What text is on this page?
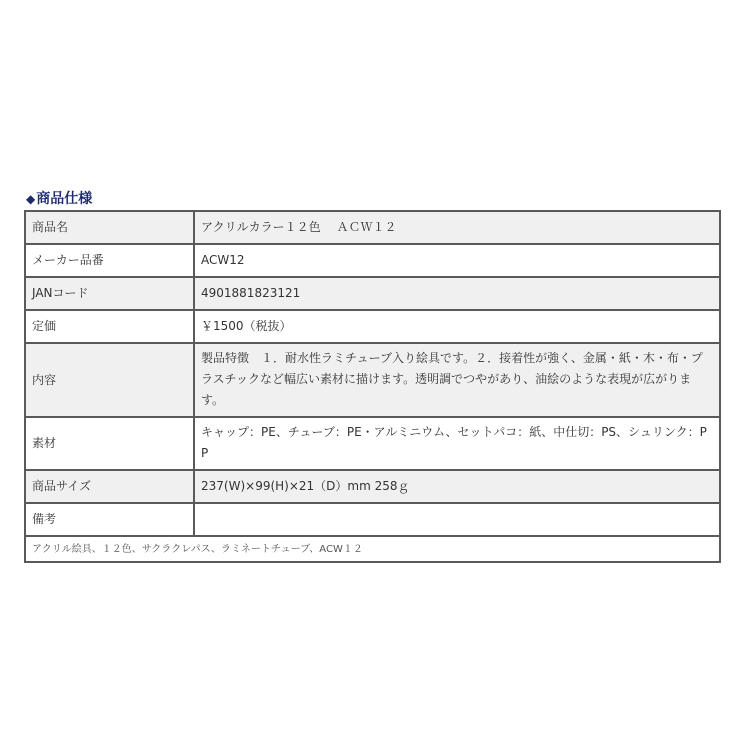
◆商品仕様
商品名	アクリルカラー１２色　 ＡＣＷ１２
メーカー品番	ACW12
JANコード	4901881823121
定価	￥1500（税抜）
内容	製品特徴　１．耐水性ラミチューブ入り絵具です。２．接着性が強く、金属・紙・木・布・プラスチックなど幅広い素材に描けます。透明調でつやがあり、油絵のような表現が広がります。
素材	キャップ：PE、チューブ：PE・アルミニウム、セットパコ：紙、中仕切：PS、シュリンク：PP
商品サイズ	237(W)×99(H)×21（D）mm 258ｇ
備考	
アクリル絵具、１２色、サクラクレパス、ラミネートチューブ、ACW１２	
